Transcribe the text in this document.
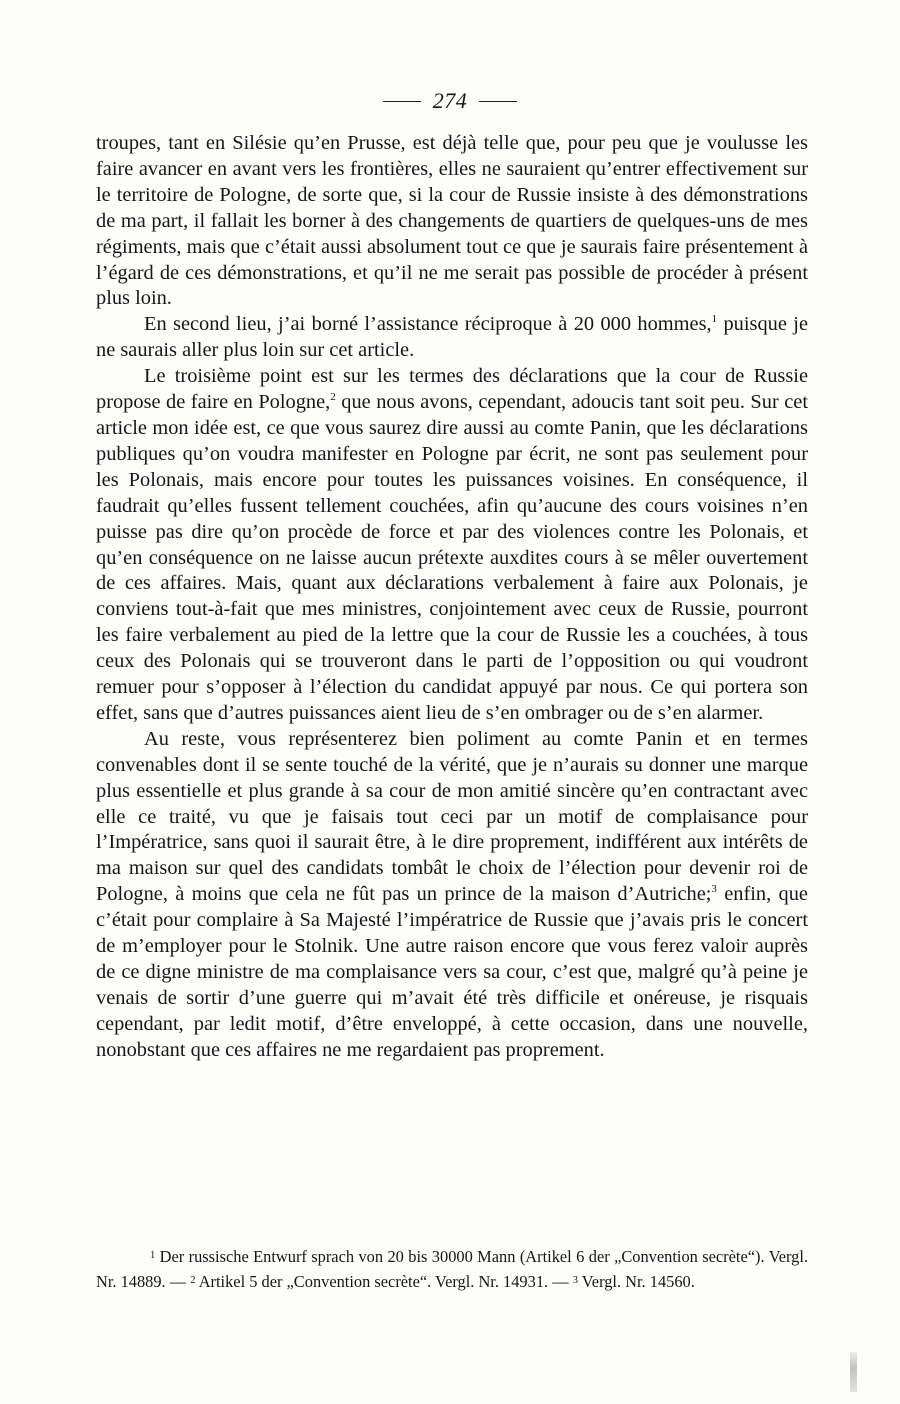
274

troupes, tant en Silésie qu’en Prusse, est déjà telle que, pour peu que je voulusse les faire avancer en avant vers les frontières, elles ne sauraient qu’entrer effectivement sur le territoire de Pologne, de sorte que, si la cour de Russie insiste à des démonstrations de ma part, il fallait les borner à des changements de quartiers de quelques-uns de mes régiments, mais que c’était aussi absolument tout ce que je saurais faire présentement à l’égard de ces démonstrations, et qu’il ne me serait pas possible de procéder à présent plus loin.

En second lieu, j’ai borné l’assistance réciproque à 20 000 hommes,$^1$ puisque je ne saurais aller plus loin sur cet article.

Le troisième point est sur les termes des déclarations que la cour de Russie propose de faire en Pologne,$^2$ que nous avons, cependant, adoucis tant soit peu. Sur cet article mon idée est, ce que vous saurez dire aussi au comte Panin, que les déclarations publiques qu’on voudra manifester en Pologne par écrit, ne sont pas seulement pour les Polonais, mais encore pour toutes les puissances voisines. En conséquence, il faudrait qu’elles fussent tellement couchées, afin qu’aucune des cours voisines n’en puisse pas dire qu’on procède de force et par des violences contre les Polonais, et qu’en conséquence on ne laisse aucun prétexte auxdites cours à se mêler ouvertement de ces affaires. Mais, quant aux déclarations verbalement à faire aux Polonais, je conviens tout-à-fait que mes ministres, conjointement avec ceux de Russie, pourront les faire verbalement au pied de la lettre que la cour de Russie les a couchées, à tous ceux des Polonais qui se trouveront dans le parti de l’opposition ou qui voudront remuer pour s’opposer à l’élection du candidat appuyé par nous. Ce qui portera son effet, sans que d’autres puissances aient lieu de s’en ombrager ou de s’en alarmer.

Au reste, vous représenterez bien poliment au comte Panin et en termes convenables dont il se sente touché de la vérité, que je n’aurais su donner une marque plus essentielle et plus grande à sa cour de mon amitié sincère qu’en contractant avec elle ce traité, vu que je faisais tout ceci par un motif de complaisance pour l’Impératrice, sans quoi il saurait être, à le dire proprement, indifférent aux intérêts de ma maison sur quel des candidats tombât le choix de l’élection pour devenir roi de Pologne, à moins que cela ne fût pas un prince de la maison d’Autriche;$^3$ enfin, que c’était pour complaire à Sa Majesté l’impératrice de Russie que j’avais pris le concert de m’employer pour le Stolnik. Une autre raison encore que vous ferez valoir auprès de ce digne ministre de ma complaisance vers sa cour, c’est que, malgré qu’à peine je venais de sortir d’une guerre qui m’avait été très difficile et onéreuse, je risquais cependant, par ledit motif, d’être enveloppé, à cette occasion, dans une nouvelle, nonobstant que ces affaires ne me regardaient pas proprement.

$^1$ Der russische Entwurf sprach von 20 bis 30000 Mann (Artikel 6 der „Convention secrète“). Vergl. Nr. 14889. — $^2$ Artikel 5 der „Convention secrète“. Vergl. Nr. 14931. — $^3$ Vergl. Nr. 14560.
